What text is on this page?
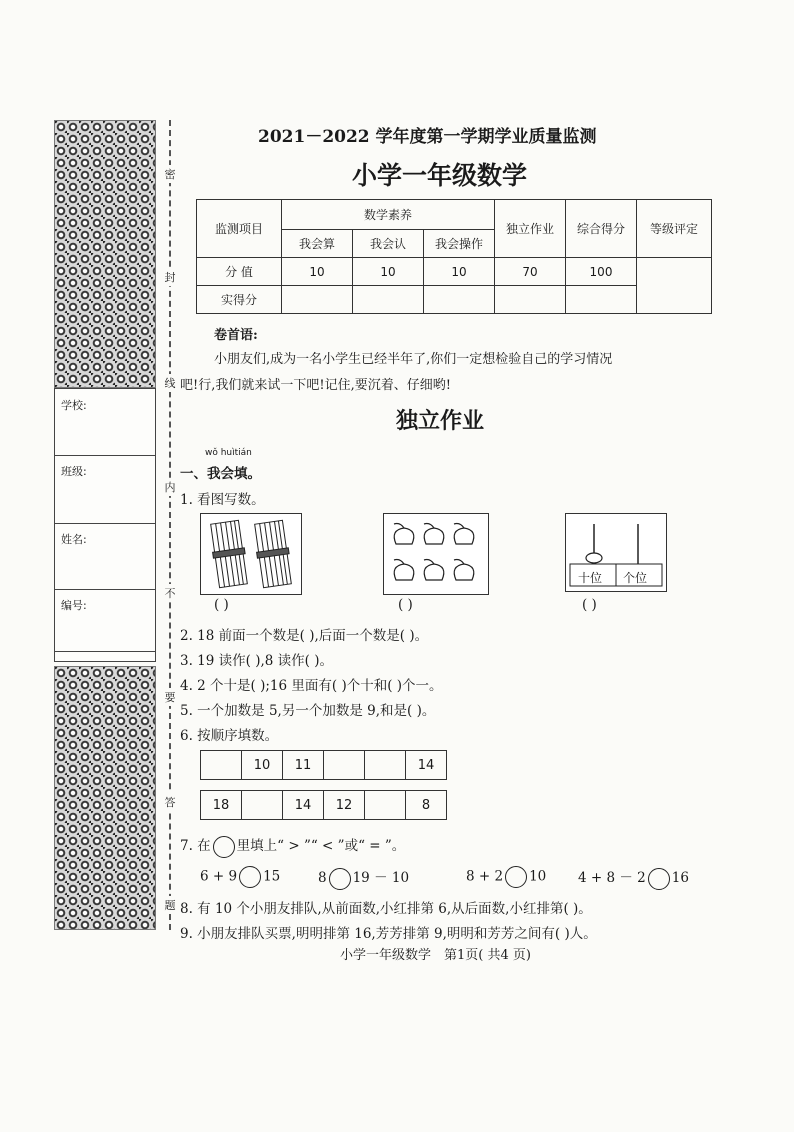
学校:
班级:
姓名:
编号:
密
封
线
内
不
要
答
题
2021－2022 学年度第一学期学业质量监测
小学一年级数学
监测项目	数学素养			独立作业	综合得分	等级评定
	我会算	我会认	我会操作			
分 值	10	10	10	70	100	
实得分						
卷首语:
小朋友们,成为一名小学生已经半年了,你们一定想检验自己的学习情况
吧!行,我们就来试一下吧!记住,要沉着、仔细哟!
独立作业
wǒ huìtián
一、我会填。
1. 看图写数。
十位 个位
( )	( )	( )
2. 18 前面一个数是( ),后面一个数是( )。
3. 19 读作( ),8 读作( )。
4. 2 个十是( );16 里面有( )个十和( )个一。
5. 一个加数是 5,另一个加数是 9,和是( )。
6. 按顺序填数。
	10	11			14
18		14	12		8
7. 在 里填上“ > ”“ < ”或“ = ”。
6 + 9 15	8 19 － 10	8 + 2 10 4 + 8 － 2 16
8. 有 10 个小朋友排队,从前面数,小红排第 6,从后面数,小红排第( )。
9. 小朋友排队买票,明明排第 16,芳芳排第 9,明明和芳芳之间有( )人。
小学一年级数学　第1页( 共4 页)
